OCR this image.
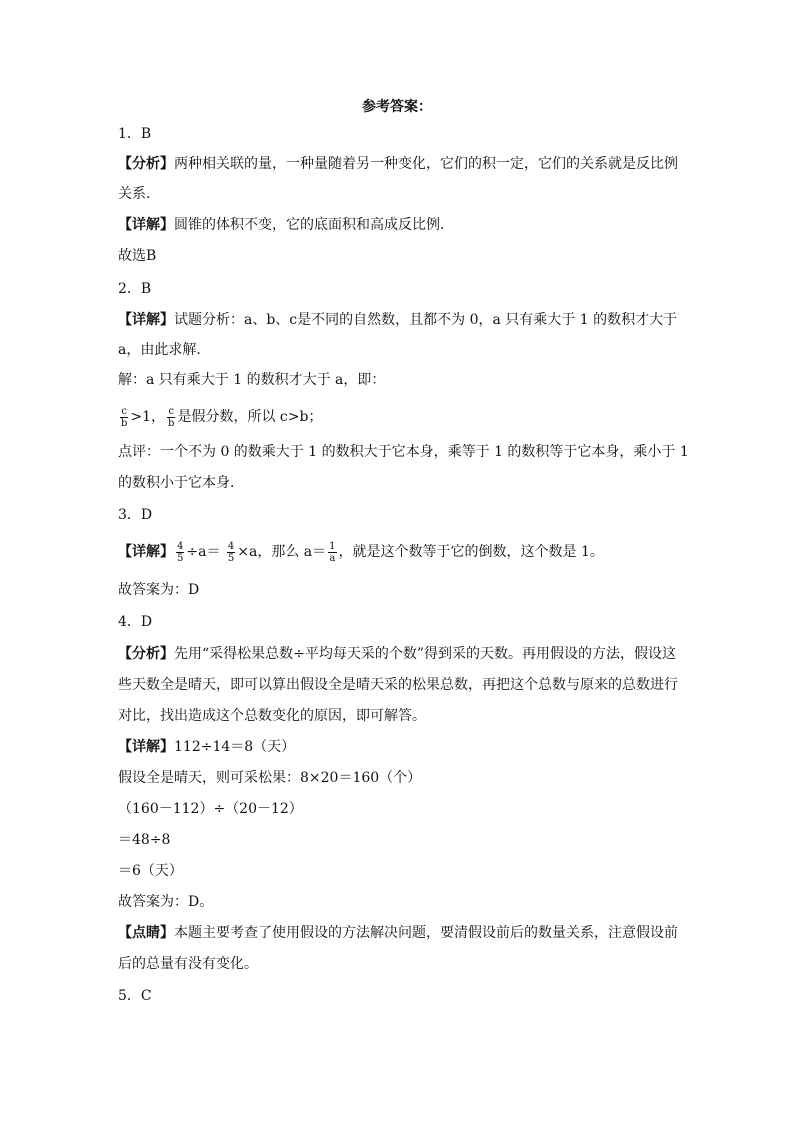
参考答案：
1．B
【分析】两种相关联的量，一种量随着另一种变化，它们的积一定，它们的关系就是反比例
关系．
【详解】圆锥的体积不变，它的底面积和高成反比例．
故选B
2．B
【详解】试题分析：a、b、c是不同的自然数，且都不为 0，a 只有乘大于 1 的数积才大于
a，由此求解．
解：a 只有乘大于 1 的数积才大于 a，即：
$\frac{c}{b} >1$， $\frac{c}{b}$ 是假分数，所以 c>b；
点评：一个不为 0 的数乘大于 1 的数积大于它本身，乘等于 1 的数积等于它本身，乘小于 1
的数积小于它本身．
3．D
【详解】 $\frac{4}{5} \div a= \frac{4}{5} \times a$，那么 $a= \frac{1}{a}$ ，就是这个数等于它的倒数，这个数是 1。
故答案为：D
4．D
【分析】先用“采得松果总数÷平均每天采的个数”得到采的天数。再用假设的方法，假设这
些天数全是晴天，即可以算出假设全是晴天采的松果总数，再把这个总数与原来的总数进行
对比，找出造成这个总数变化的原因，即可解答。
【详解】112÷14＝8（天）
假设全是晴天，则可采松果：8×20＝160（个）
（160－112）÷（20－12）
＝48÷8
＝6（天）
故答案为：D。
【点睛】本题主要考查了使用假设的方法解决问题，要清假设前后的数量关系，注意假设前
后的总量有没有变化。
5．C
